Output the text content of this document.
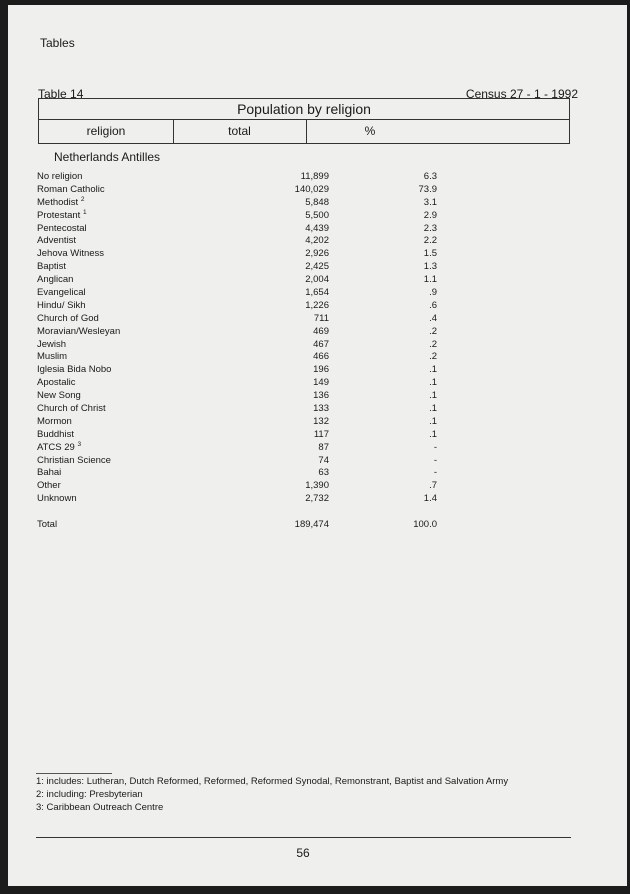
Tables
Table 14	Census 27 - 1 - 1992
Population by religion
religion	total	%
Netherlands Antilles
No religion	11,899	6.3
Roman Catholic	140,029	73.9
Methodist $^2$	5,848	3.1
Protestant $^1$	5,500	2.9
Pentecostal	4,439	2.3
Adventist	4,202	2.2
Jehova Witness	2,926	1.5
Baptist	2,425	1.3
Anglican	2,004	1.1
Evangelical	1,654	.9
Hindu/ Sikh	1,226	.6
Church of God	711	.4
Moravian/Wesleyan	469	.2
Jewish	467	.2
Muslim	466	.2
Iglesia Bida Nobo	196	.1
Apostalic	149	.1
New Song	136	.1
Church of Christ	133	.1
Mormon	132	.1
Buddhist	117	.1
ATCS 29 $^3$	87	-
Christian Science	74	-
Bahai	63	-
Other	1,390	.7
Unknown	2,732	1.4
Total	189,474	100.0
1: includes: Lutheran, Dutch Reformed, Reformed, Reformed Synodal, Remonstrant, Baptist and Salvation Army
2: including: Presbyterian
3: Caribbean Outreach Centre
56
